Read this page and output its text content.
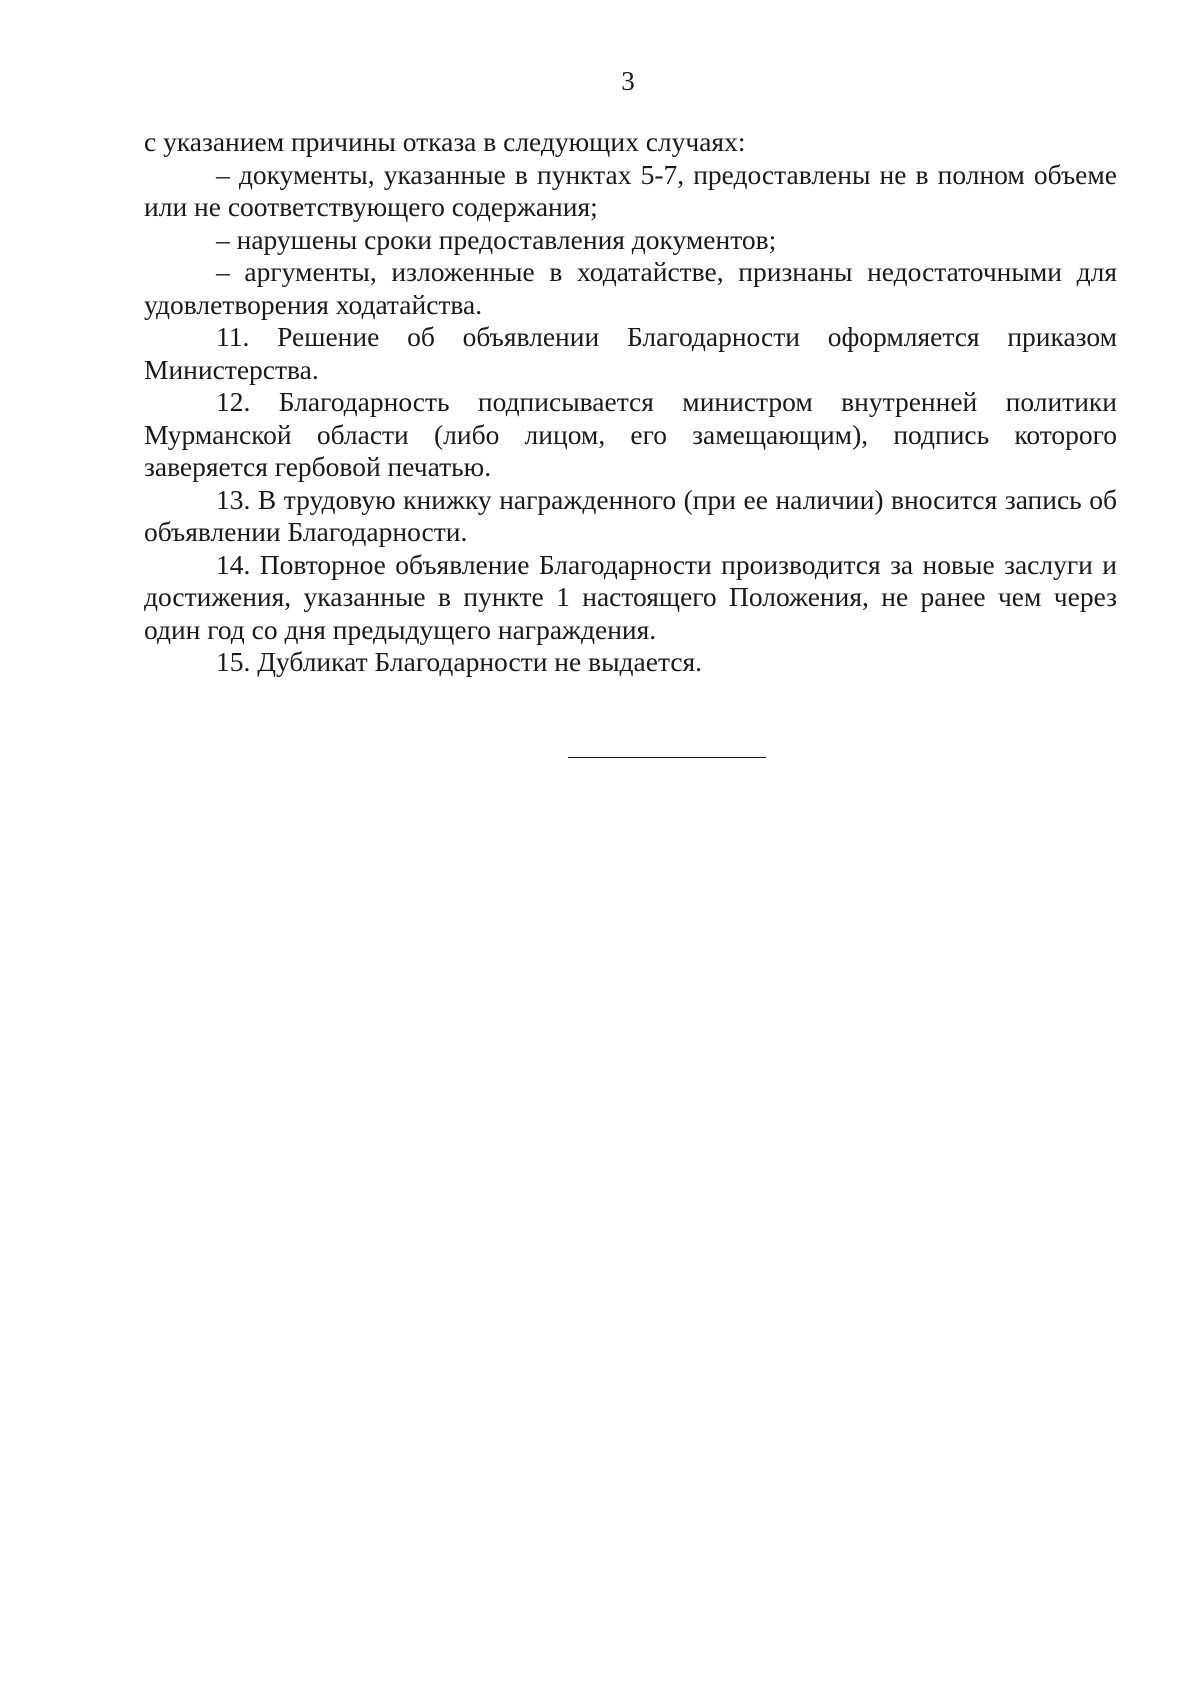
3

с указанием причины отказа в следующих случаях:

– документы, указанные в пунктах 5-7, предоставлены не в полном объеме или не соответствующего содержания;

– нарушены сроки предоставления документов;

– аргументы, изложенные в ходатайстве, признаны недостаточными для удовлетворения ходатайства.

11. Решение об объявлении Благодарности оформляется приказом Министерства.

12. Благодарность подписывается министром внутренней политики Мурманской области (либо лицом, его замещающим), подпись которого заверяется гербовой печатью.

13. В трудовую книжку награжденного (при ее наличии) вносится запись об объявлении Благодарности.

14. Повторное объявление Благодарности производится за новые заслуги и достижения, указанные в пункте 1 настоящего Положения, не ранее чем через один год со дня предыдущего награждения.

15. Дубликат Благодарности не выдается.
